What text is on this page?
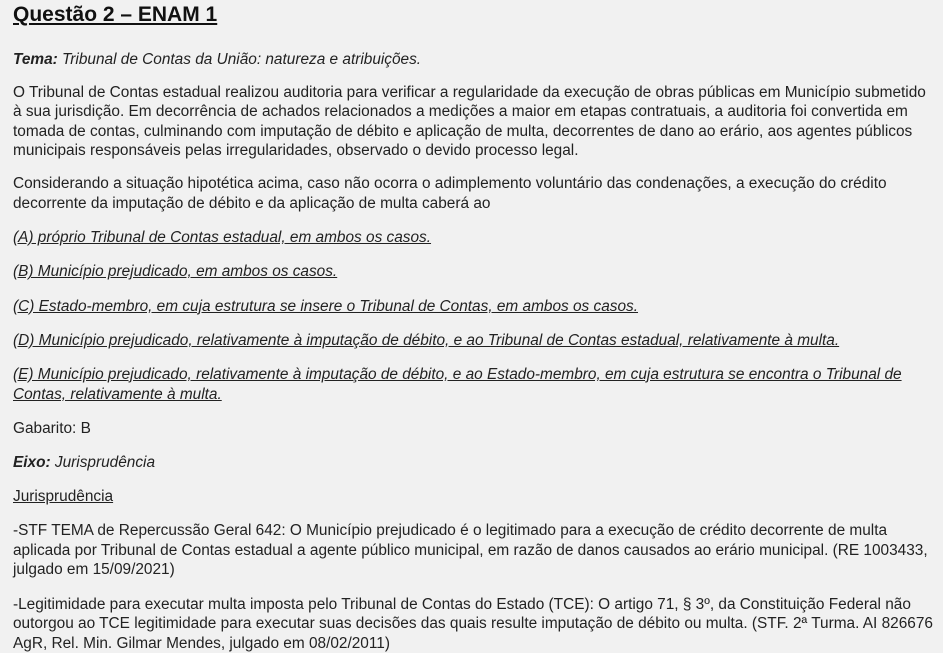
Questão 2 – ENAM 1

Tema: Tribunal de Contas da União: natureza e atribuições.

O Tribunal de Contas estadual realizou auditoria para verificar a regularidade da execução de obras públicas em Município submetido à sua jurisdição. Em decorrência de achados relacionados a medições a maior em etapas contratuais, a auditoria foi convertida em tomada de contas, culminando com imputação de débito e aplicação de multa, decorrentes de dano ao erário, aos agentes públicos municipais responsáveis pelas irregularidades, observado o devido processo legal.

Considerando a situação hipotética acima, caso não ocorra o adimplemento voluntário das condenações, a execução do crédito decorrente da imputação de débito e da aplicação de multa caberá ao

(A) próprio Tribunal de Contas estadual, em ambos os casos.

(B) Município prejudicado, em ambos os casos.

(C) Estado-membro, em cuja estrutura se insere o Tribunal de Contas, em ambos os casos.

(D) Município prejudicado, relativamente à imputação de débito, e ao Tribunal de Contas estadual, relativamente à multa.

(E) Município prejudicado, relativamente à imputação de débito, e ao Estado-membro, em cuja estrutura se encontra o Tribunal de Contas, relativamente à multa.

Gabarito: B

Eixo: Jurisprudência

Jurisprudência

-STF TEMA de Repercussão Geral 642: O Município prejudicado é o legitimado para a execução de crédito decorrente de multa aplicada por Tribunal de Contas estadual a agente público municipal, em razão de danos causados ao erário municipal. (RE 1003433, julgado em 15/09/2021)

-Legitimidade para executar multa imposta pelo Tribunal de Contas do Estado (TCE): O artigo 71, § 3º, da Constituição Federal não outorgou ao TCE legitimidade para executar suas decisões das quais resulte imputação de débito ou multa. (STF. 2ª Turma. AI 826676 AgR, Rel. Min. Gilmar Mendes, julgado em 08/02/2011)
